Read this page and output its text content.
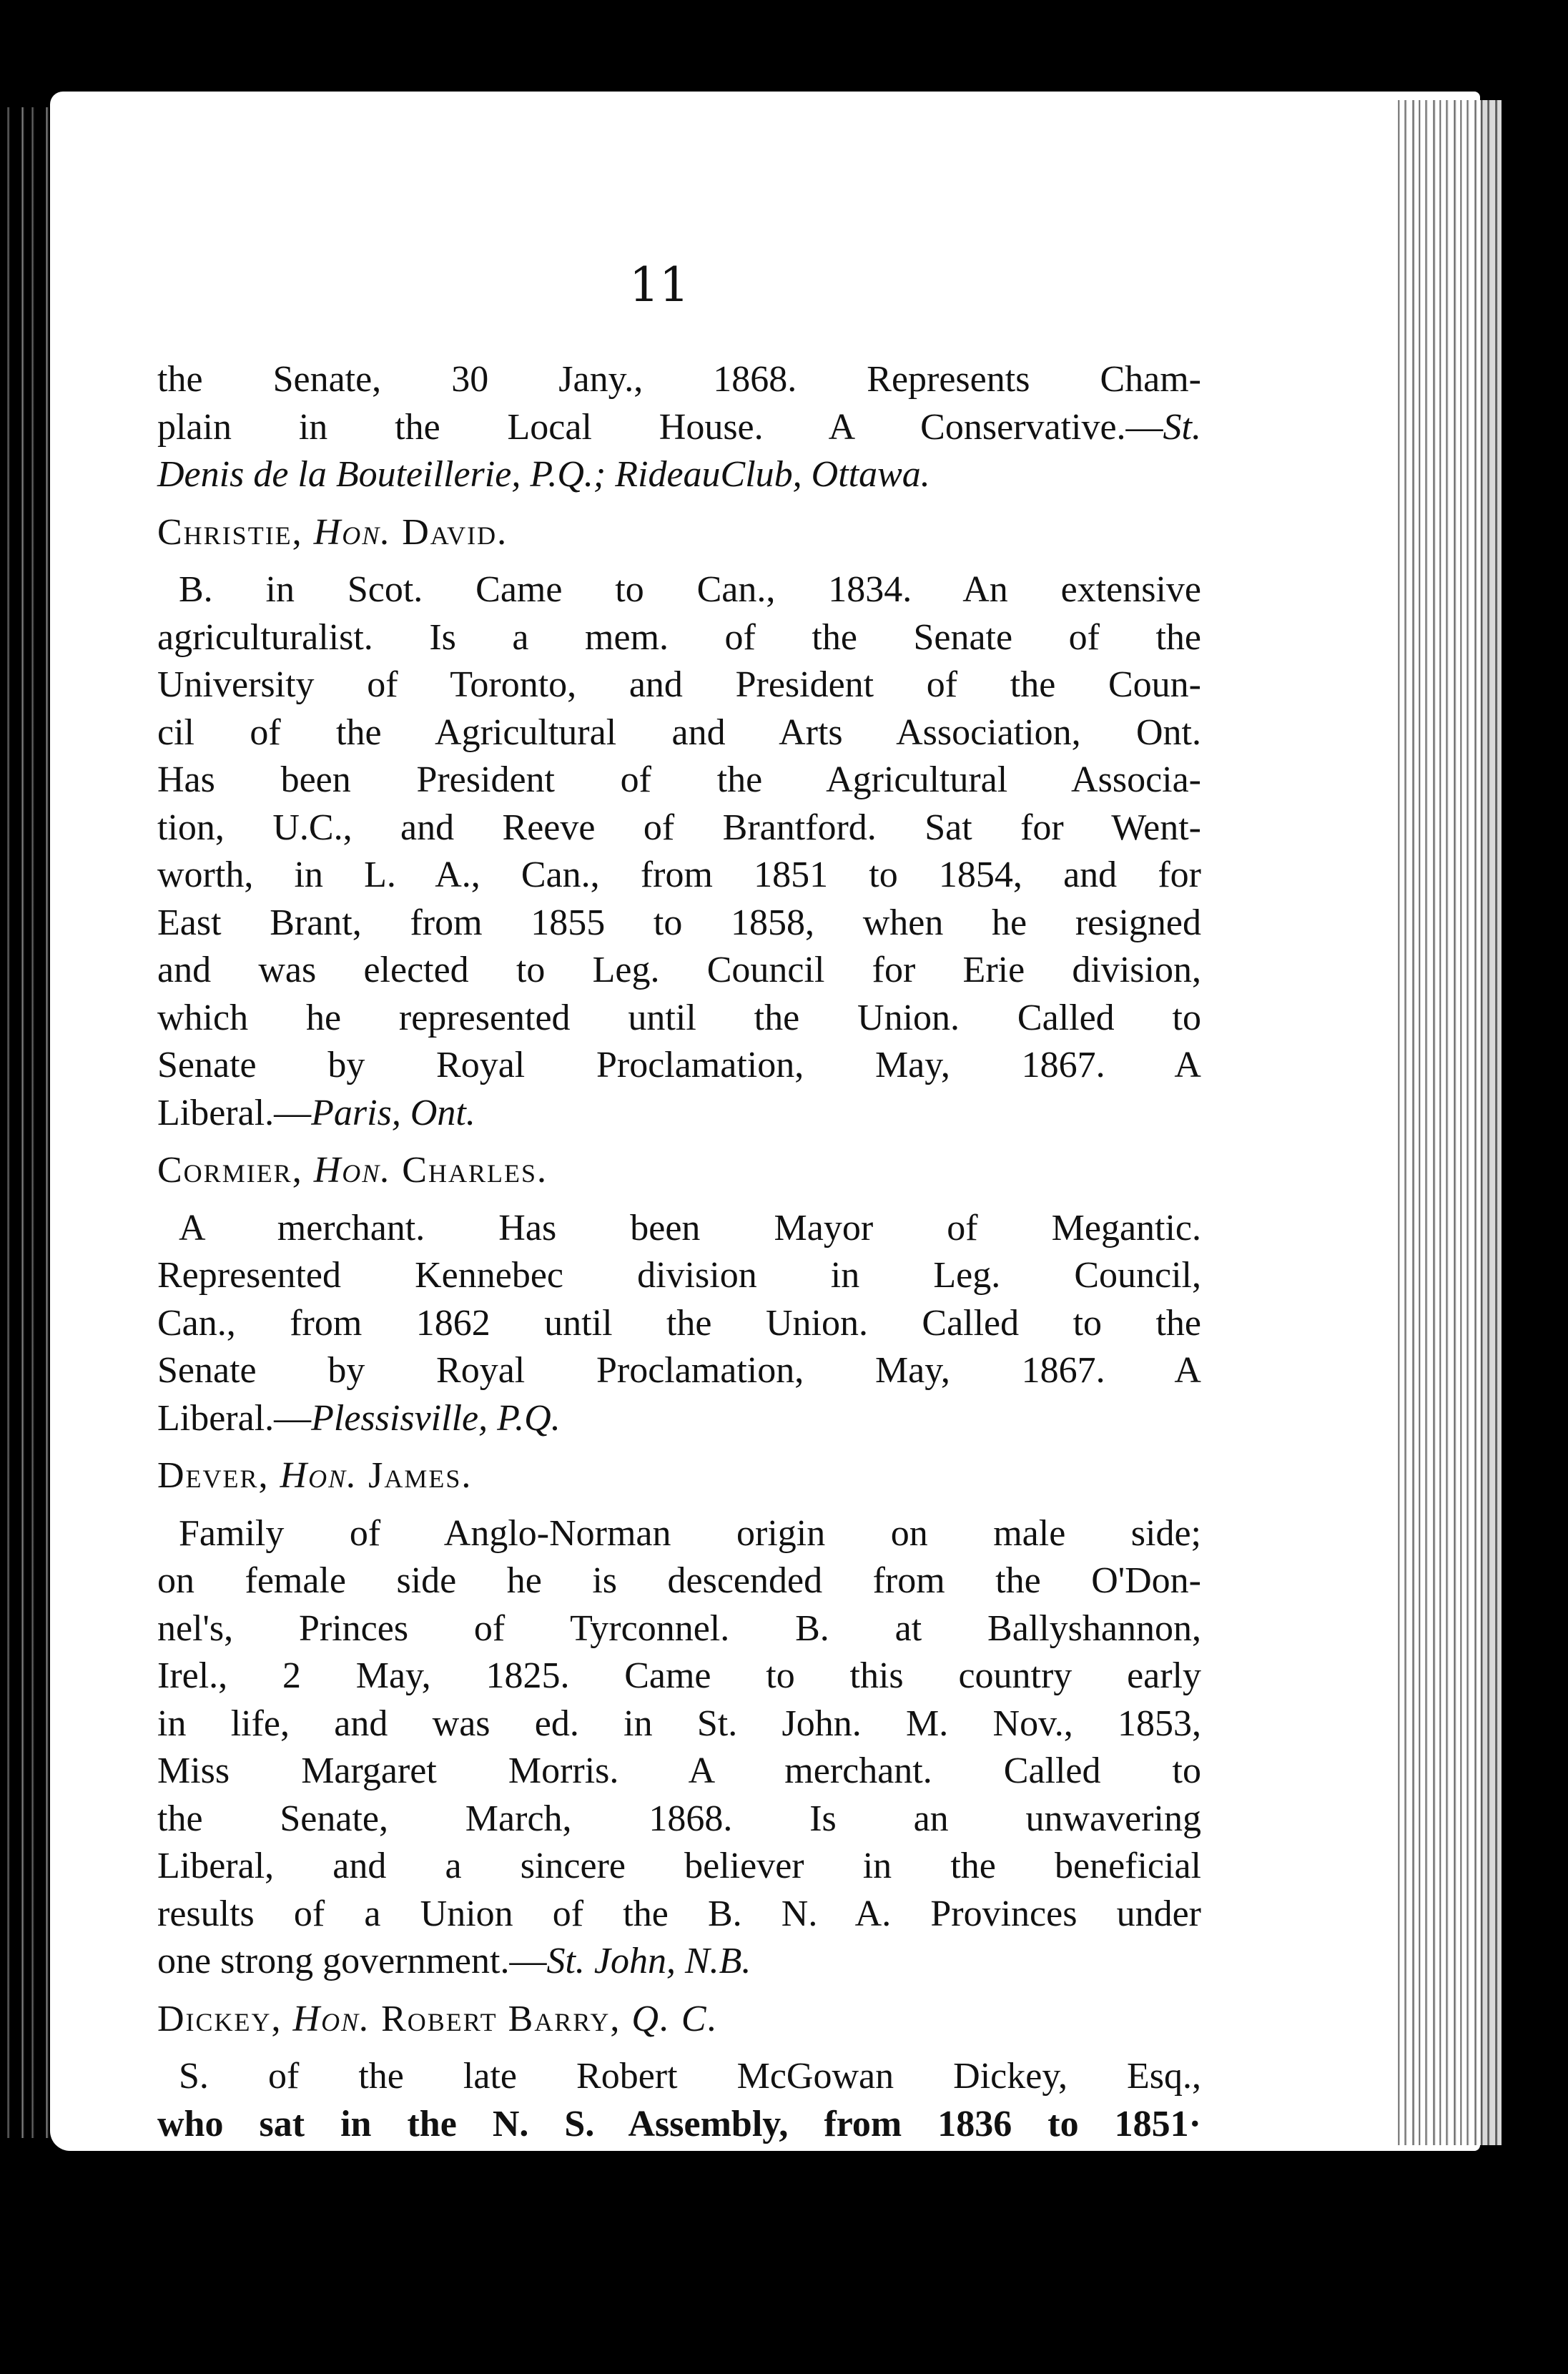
11
the Senate, 30 Jany., 1868. Represents Cham-
plain in the Local House. A Conservative.—St.
Denis de la Bouteillerie, P.Q.; RideauClub, Ottawa.
Christie, Hon. David.
B. in Scot. Came to Can., 1834. An extensive
agriculturalist. Is a mem. of the Senate of the
University of Toronto, and President of the Coun-
cil of the Agricultural and Arts Association, Ont.
Has been President of the Agricultural Associa-
tion, U.C., and Reeve of Brantford. Sat for Went-
worth, in L. A., Can., from 1851 to 1854, and for
East Brant, from 1855 to 1858, when he resigned
and was elected to Leg. Council for Erie division,
which he represented until the Union. Called to
Senate by Royal Proclamation, May, 1867. A
Liberal.—Paris, Ont.
Cormier, Hon. Charles.
A merchant. Has been Mayor of Megantic.
Represented Kennebec division in Leg. Council,
Can., from 1862 until the Union. Called to the
Senate by Royal Proclamation, May, 1867. A
Liberal.—Plessisville, P.Q.
Dever, Hon. James.
Family of Anglo-Norman origin on male side;
on female side he is descended from the O'Don-
nel's, Princes of Tyrconnel. B. at Ballyshannon,
Irel., 2 May, 1825. Came to this country early
in life, and was ed. in St. John. M. Nov., 1853,
Miss Margaret Morris. A merchant. Called to
the Senate, March, 1868. Is an unwavering
Liberal, and a sincere believer in the beneficial
results of a Union of the B. N. A. Provinces under
one strong government.—St. John, N.B.
Dickey, Hon. Robert Barry, Q. C.
S. of the late Robert McGowan Dickey, Esq.,
who sat in the N. S. Assembly, from 1836 to 1851·
